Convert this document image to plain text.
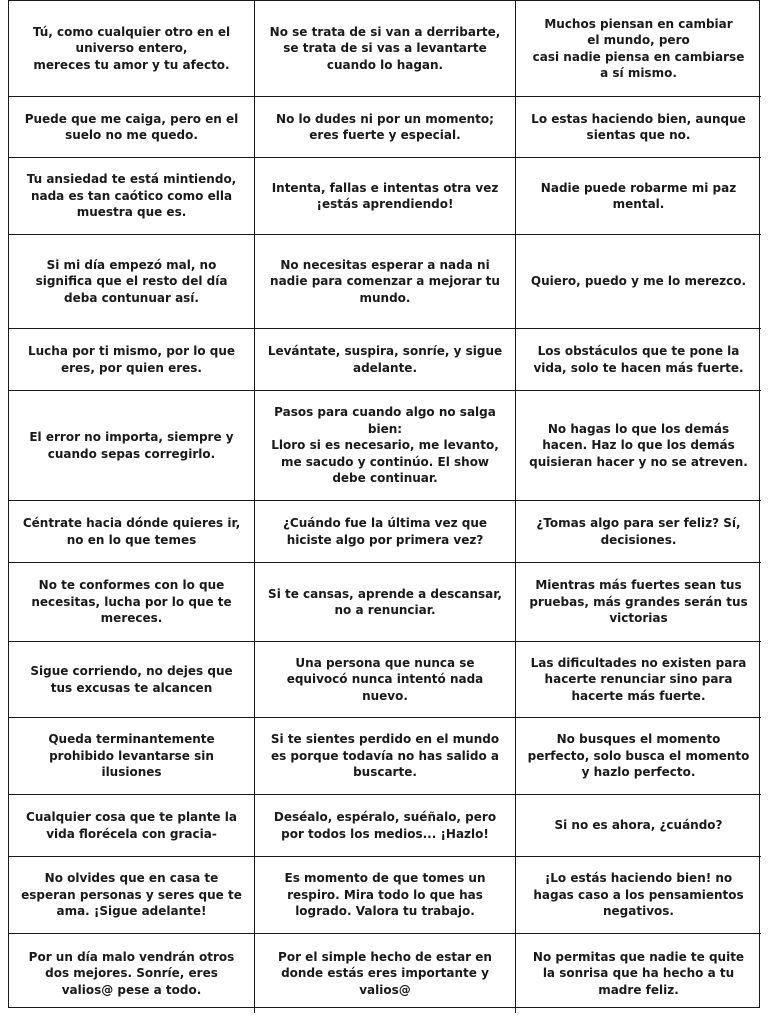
Tú, como cualquier otro en el
universo entero,
mereces tu amor y tu afecto.
No se trata de si van a derribarte,
se trata de si vas a levantarte
cuando lo hagan.
Muchos piensan en cambiar
el mundo, pero
casi nadie piensa en cambiarse
a sí mismo.
Puede que me caiga, pero en el
suelo no me quedo.
No lo dudes ni por un momento;
eres fuerte y especial.
Lo estas haciendo bien, aunque
sientas que no.
Tu ansiedad te está mintiendo,
nada es tan caótico como ella
muestra que es.
Intenta, fallas e intentas otra vez
¡estás aprendiendo!
Nadie puede robarme mi paz
mental.
Si mi día empezó mal, no
significa que el resto del día
deba contunuar así.
No necesitas esperar a nada ni
nadie para comenzar a mejorar tu
mundo.
Quiero, puedo y me lo merezco.
Lucha por ti mismo, por lo que
eres, por quien eres.
Levántate, suspira, sonríe, y sigue
adelante.
Los obstáculos que te pone la
vida, solo te hacen más fuerte.
El error no importa, siempre y
cuando sepas corregirlo.
Pasos para cuando algo no salga
bien:
Lloro si es necesario, me levanto,
me sacudo y continúo. El show
debe continuar.
No hagas lo que los demás
hacen. Haz lo que los demás
quisieran hacer y no se atreven.
Céntrate hacia dónde quieres ir,
no en lo que temes
¿Cuándo fue la última vez que
hiciste algo por primera vez?
¿Tomas algo para ser feliz? Sí,
decisiones.
No te conformes con lo que
necesitas, lucha por lo que te
mereces.
Si te cansas, aprende a descansar,
no a renunciar.
Mientras más fuertes sean tus
pruebas, más grandes serán tus
victorias
Sigue corriendo, no dejes que
tus excusas te alcancen
Una persona que nunca se
equivocó nunca intentó nada
nuevo.
Las dificultades no existen para
hacerte renunciar sino para
hacerte más fuerte.
Queda terminantemente
prohibido levantarse sin
ilusiones
Si te sientes perdido en el mundo
es porque todavía no has salido a
buscarte.
No busques el momento
perfecto, solo busca el momento
y hazlo perfecto.
Cualquier cosa que te plante la
vida florécela con gracia-
Deséalo, espéralo, suéñalo, pero
por todos los medios... ¡Hazlo!
Si no es ahora, ¿cuándo?
No olvides que en casa te
esperan personas y seres que te
ama. ¡Sigue adelante!
Es momento de que tomes un
respiro. Mira todo lo que has
logrado. Valora tu trabajo.
¡Lo estás haciendo bien! no
hagas caso a los pensamientos
negativos.
Por un día malo vendrán otros
dos mejores. Sonríe, eres
valios@ pese a todo.
Por el simple hecho de estar en
donde estás eres importante y
valios@
No permitas que nadie te quite
la sonrisa que ha hecho a tu
madre feliz.
